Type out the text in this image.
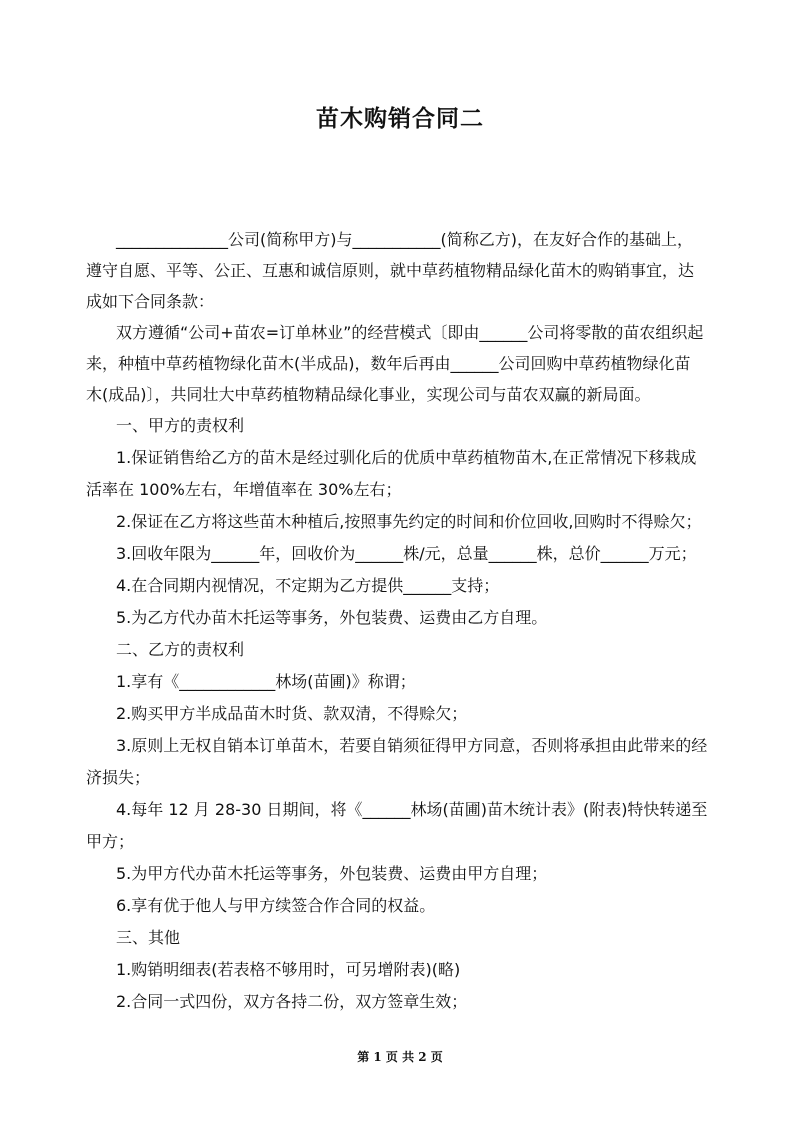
苗木购销合同二
______________公司(简称甲方)与___________(简称乙方)，在友好合作的基础上，
遵守自愿、平等、公正、互惠和诚信原则，就中草药植物精品绿化苗木的购销事宜，达
成如下合同条款：
双方遵循“公司+苗农=订单林业”的经营模式〔即由______公司将零散的苗农组织起
来，种植中草药植物绿化苗木(半成品)，数年后再由______公司回购中草药植物绿化苗
木(成品)〕，共同壮大中草药植物精品绿化事业，实现公司与苗农双赢的新局面。
一、甲方的责权利
1.保证销售给乙方的苗木是经过驯化后的优质中草药植物苗木,在正常情况下移栽成
活率在 100%左右，年增值率在 30%左右；
2.保证在乙方将这些苗木种植后,按照事先约定的时间和价位回收,回购时不得赊欠；
3.回收年限为______年，回收价为______株/元，总量______株，总价______万元；
4.在合同期内视情况，不定期为乙方提供______支持；
5.为乙方代办苗木托运等事务，外包装费、运费由乙方自理。
二、乙方的责权利
1.享有《____________林场(苗圃)》称谓；
2.购买甲方半成品苗木时货、款双清，不得赊欠；
3.原则上无权自销本订单苗木，若要自销须征得甲方同意，否则将承担由此带来的经
济损失；
4.每年 12 月 28-30 日期间，将《______林场(苗圃)苗木统计表》(附表)特快转递至
甲方；
5.为甲方代办苗木托运等事务，外包装费、运费由甲方自理；
6.享有优于他人与甲方续签合作合同的权益。
三、其他
1.购销明细表(若表格不够用时，可另增附表)(略)
2.合同一式四份，双方各持二份，双方签章生效；
第 1 页 共 2 页
